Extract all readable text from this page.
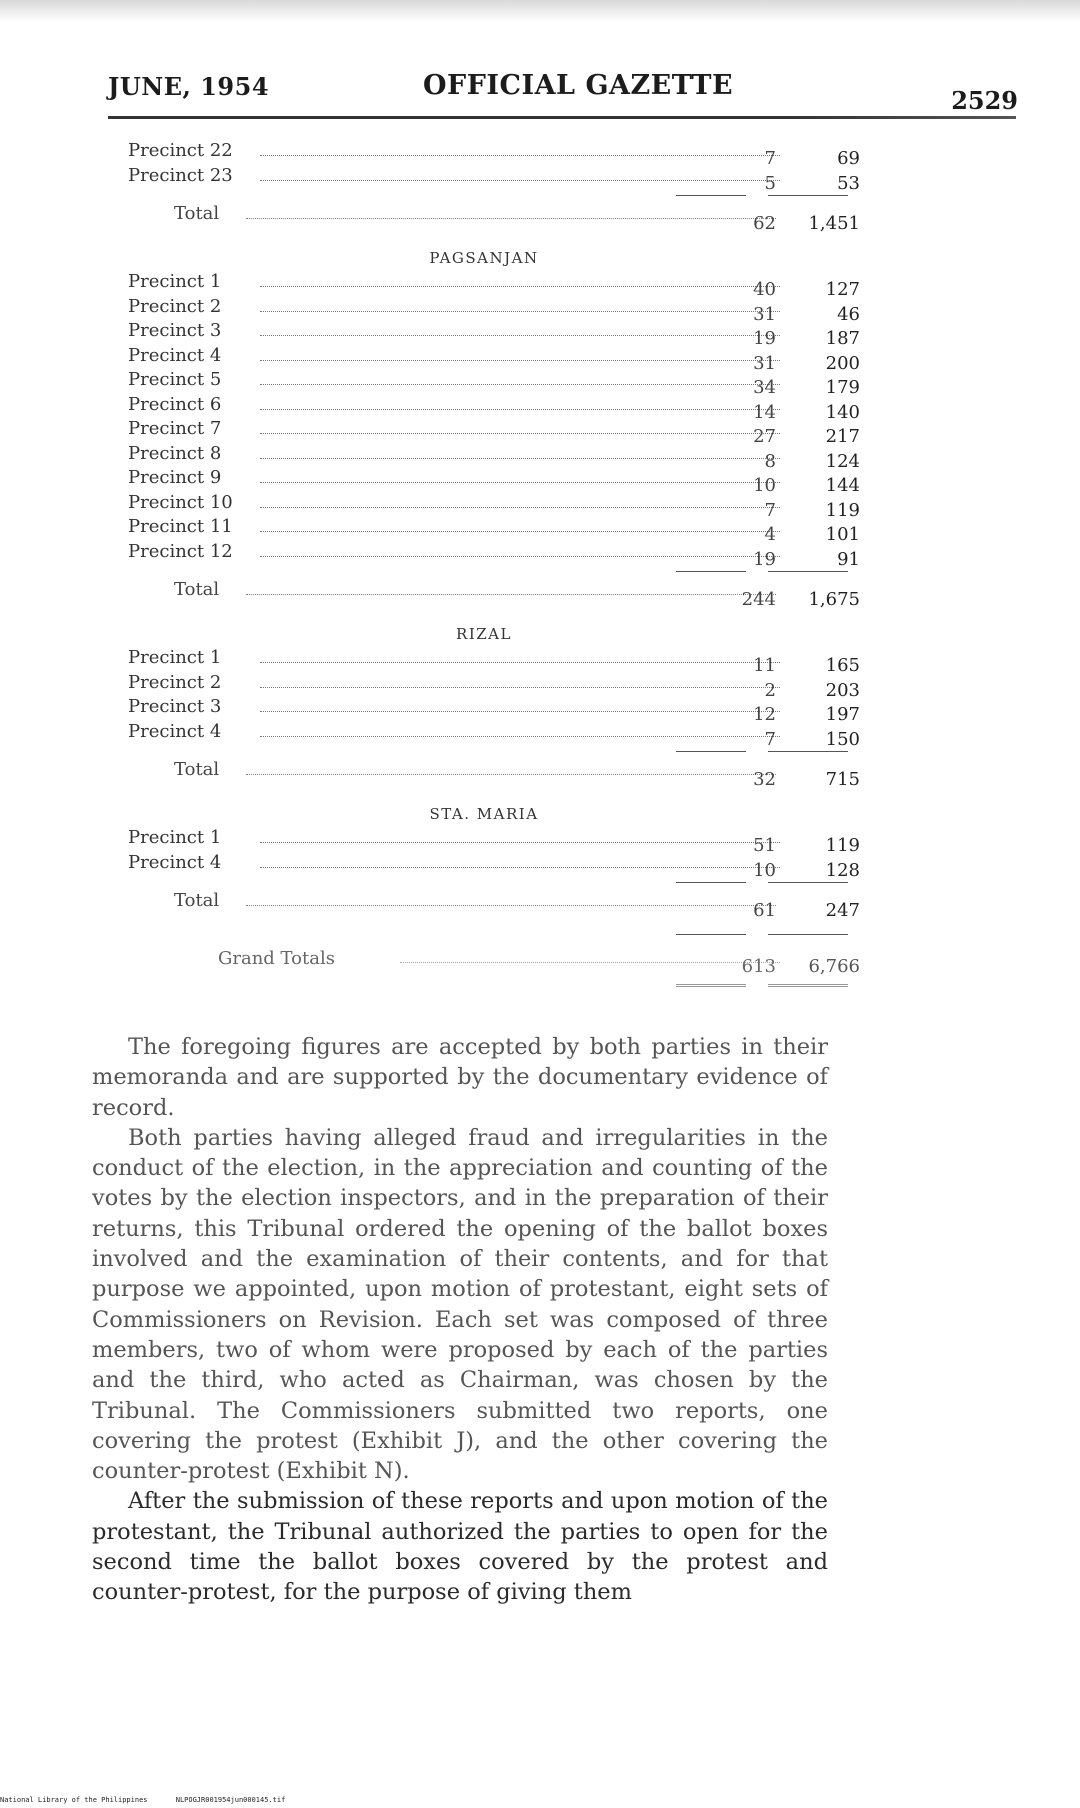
JUNE, 1954	OFFICIAL GAZETTE	2529
Precinct 22	7	69
Precinct 23	5	53
Total	62	1,451
PAGSANJAN
Precinct 1	40	127
Precinct 2	31	46
Precinct 3	19	187
Precinct 4	31	200
Precinct 5	34	179
Precinct 6	14	140
Precinct 7	27	217
Precinct 8	8	124
Precinct 9	10	144
Precinct 10	7	119
Precinct 11	4	101
Precinct 12	19	91
Total	244	1,675
RIZAL
Precinct 1	11	165
Precinct 2	2	203
Precinct 3	12	197
Precinct 4	7	150
Total	32	715
STA. MARIA
Precinct 1	51	119
Precinct 4	10	128
Total	61	247
Grand Totals	613	6,766

The foregoing figures are accepted by both parties in their memoranda and are supported by the documentary evidence of record.

Both parties having alleged fraud and irregularities in the conduct of the election, in the appreciation and counting of the votes by the election inspectors, and in the preparation of their returns, this Tribunal ordered the opening of the ballot boxes involved and the examination of their contents, and for that purpose we appointed, upon motion of protestant, eight sets of Commissioners on Revision. Each set was composed of three members, two of whom were proposed by each of the parties and the third, who acted as Chairman, was chosen by the Tribunal. The Commissioners submitted two reports, one covering the protest (Exhibit J), and the other covering the counter-protest (Exhibit N).

After the submission of these reports and upon motion of the protestant, the Tribunal authorized the parties to open for the second time the ballot boxes covered by the protest and counter-protest, for the purpose of giving them

National Library of the Philippines	NLPOGJR001954jun000145.tif
